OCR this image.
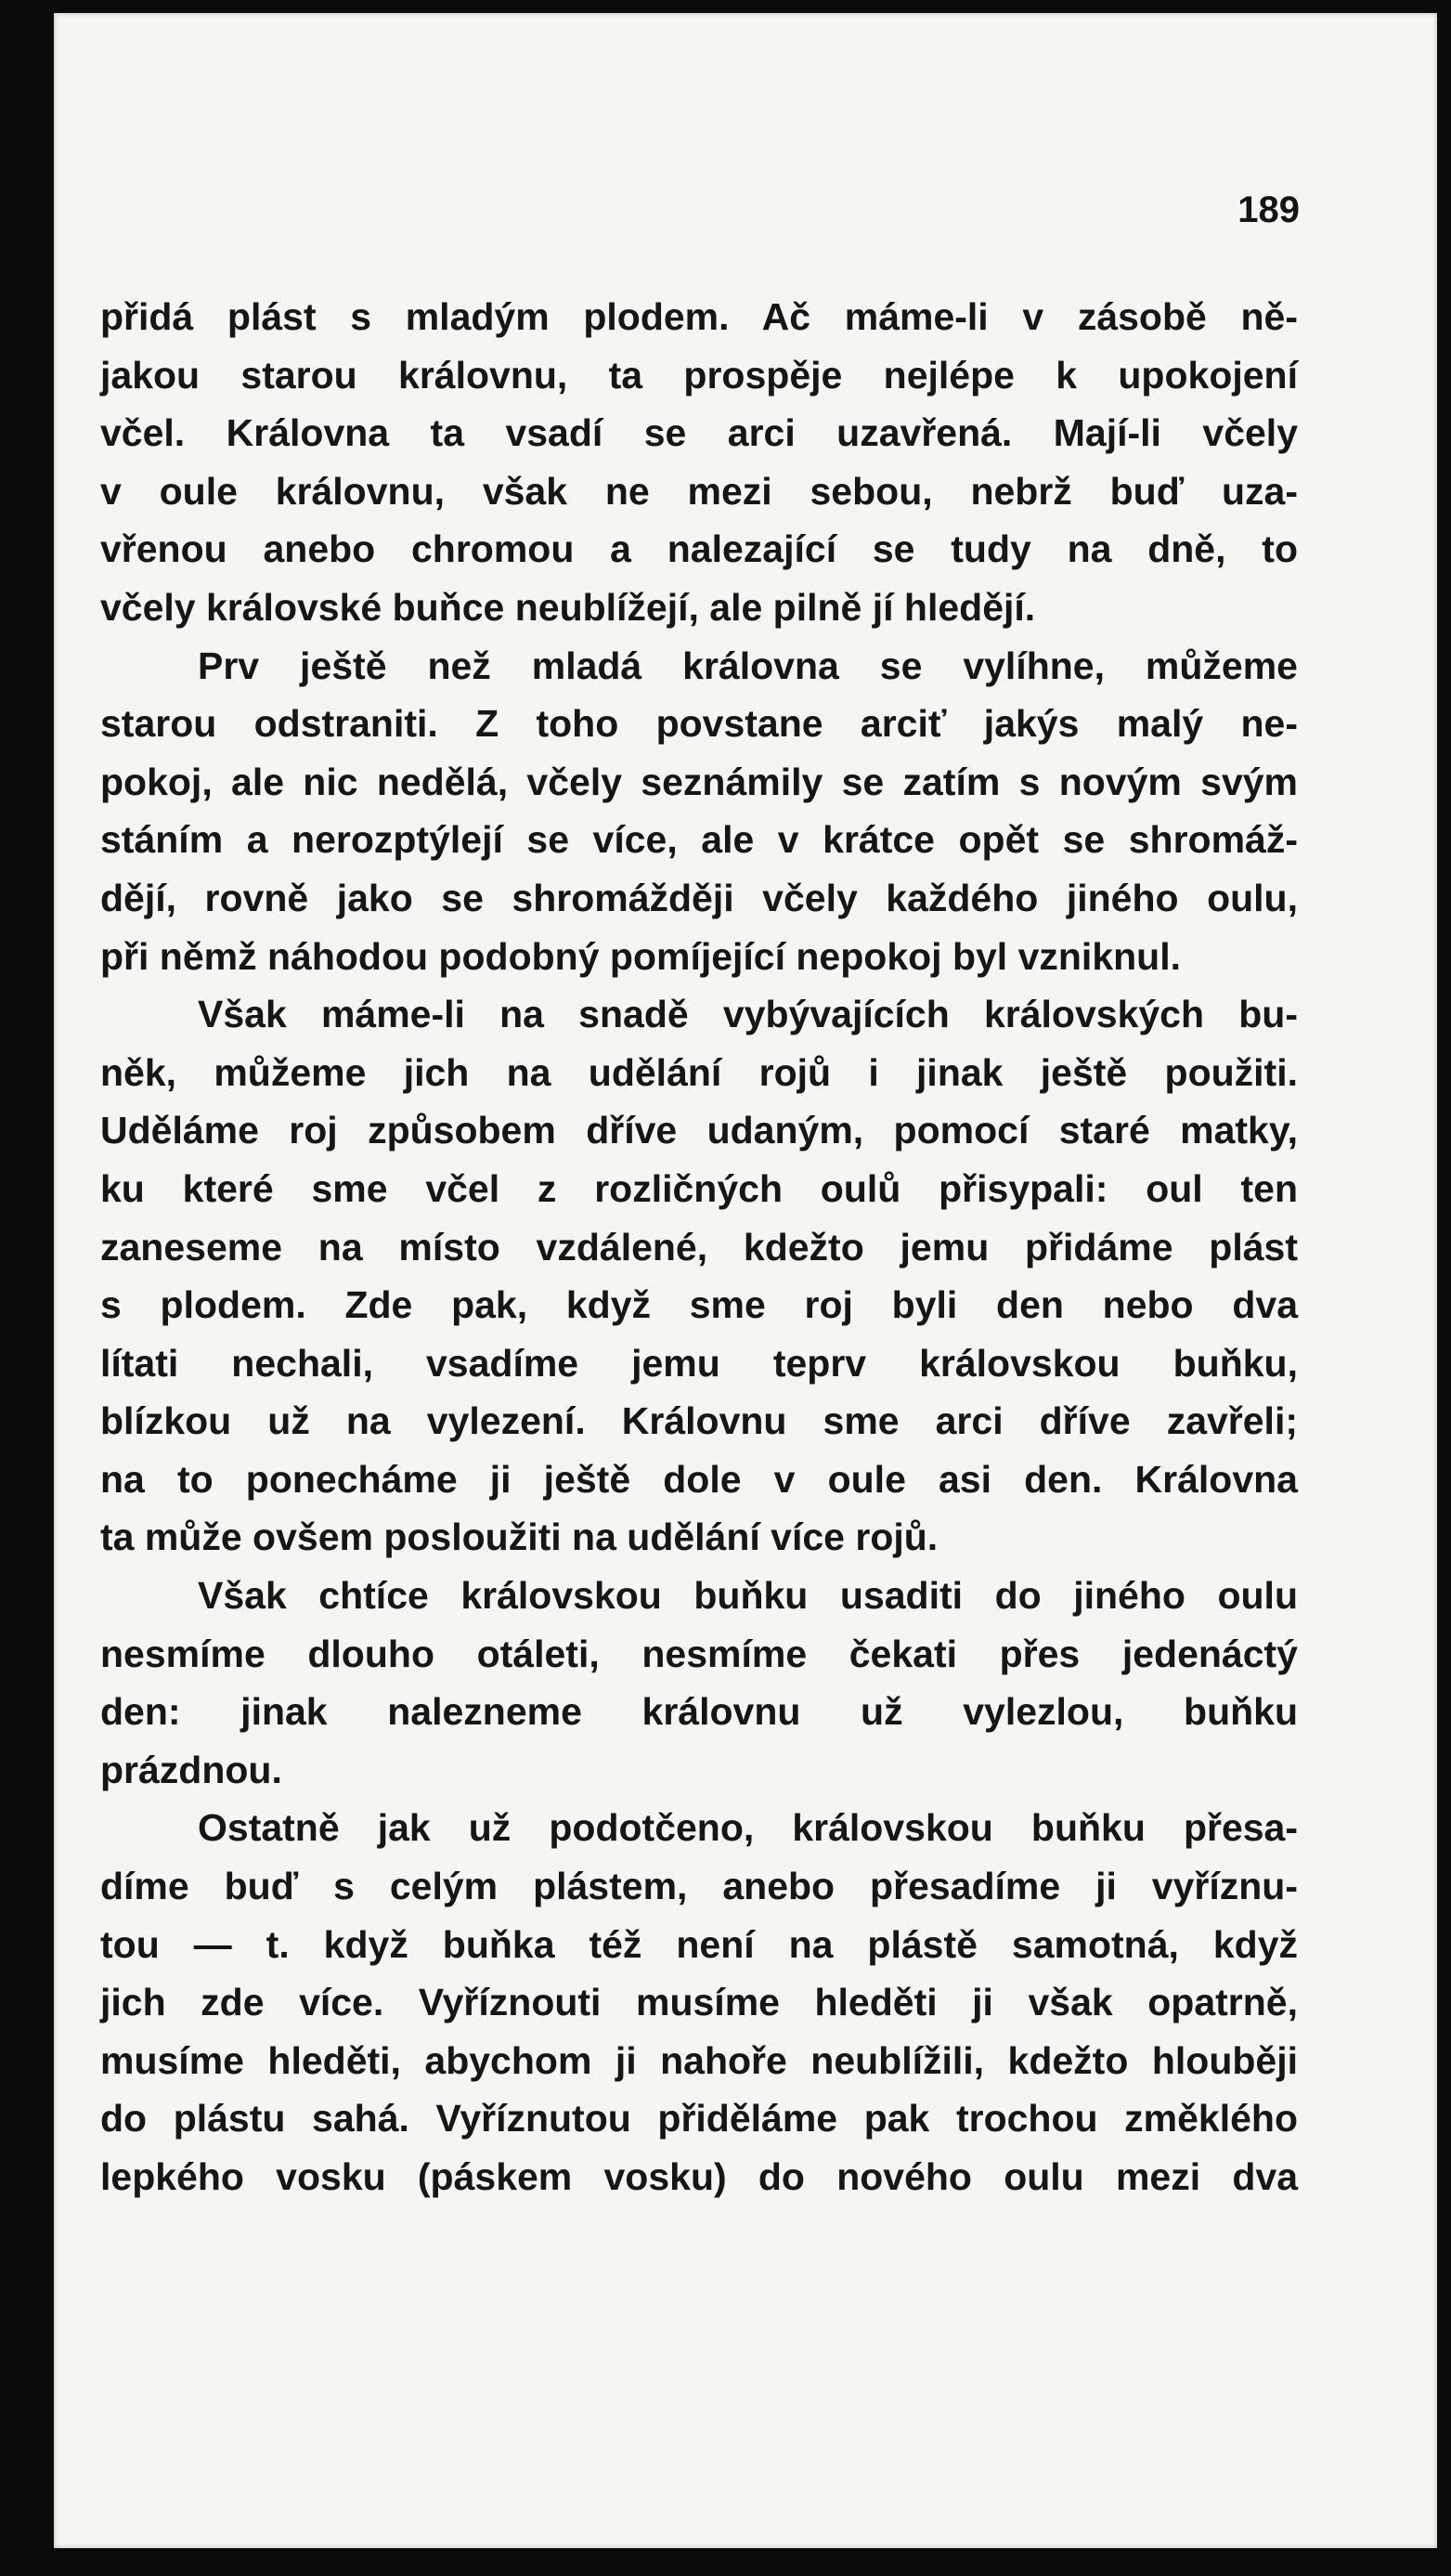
189
přidá plást s mladým plodem. Ač máme-li v zásobě ně-
jakou starou královnu, ta prospěje nejlépe k upokojení
včel. Královna ta vsadí se arci uzavřená. Mají-li včely
v oule královnu, však ne mezi sebou, nebrž buď uza-
vřenou anebo chromou a nalezající se tudy na dně, to
včely královské buňce neublížejí, ale pilně jí hledějí.
Prv ještě než mladá královna se vylíhne, můžeme
starou odstraniti. Z toho povstane arciť jakýs malý ne-
pokoj, ale nic nedělá, včely seznámily se zatím s novým svým
stáním a nerozptýlejí se více, ale v krátce opět se shromáž-
dějí, rovně jako se shromážději včely každého jiného oulu,
při němž náhodou podobný pomíjející nepokoj byl vzniknul.
Však máme-li na snadě vybývajících královských bu-
něk, můžeme jich na udělání rojů i jinak ještě použiti.
Uděláme roj způsobem dříve udaným, pomocí staré matky,
ku které sme včel z rozličných oulů přisypali: oul ten
zaneseme na místo vzdálené, kdežto jemu přidáme plást
s plodem. Zde pak, když sme roj byli den nebo dva
lítati nechali, vsadíme jemu teprv královskou buňku,
blízkou už na vylezení. Královnu sme arci dříve zavřeli;
na to ponecháme ji ještě dole v oule asi den. Královna
ta může ovšem posloužiti na udělání více rojů.
Však chtíce královskou buňku usaditi do jiného oulu
nesmíme dlouho otáleti, nesmíme čekati přes jedenáctý
den: jinak nalezneme královnu už vylezlou, buňku
prázdnou.
Ostatně jak už podotčeno, královskou buňku přesa-
díme buď s celým plástem, anebo přesadíme ji vyříznu-
tou — t. když buňka též není na plástě samotná, když
jich zde více. Vyříznouti musíme hleděti ji však opatrně,
musíme hleděti, abychom ji nahoře neublížili, kdežto hlouběji
do plástu sahá. Vyříznutou přiděláme pak trochou změklého
lepkého vosku (páskem vosku) do nového oulu mezi dva
